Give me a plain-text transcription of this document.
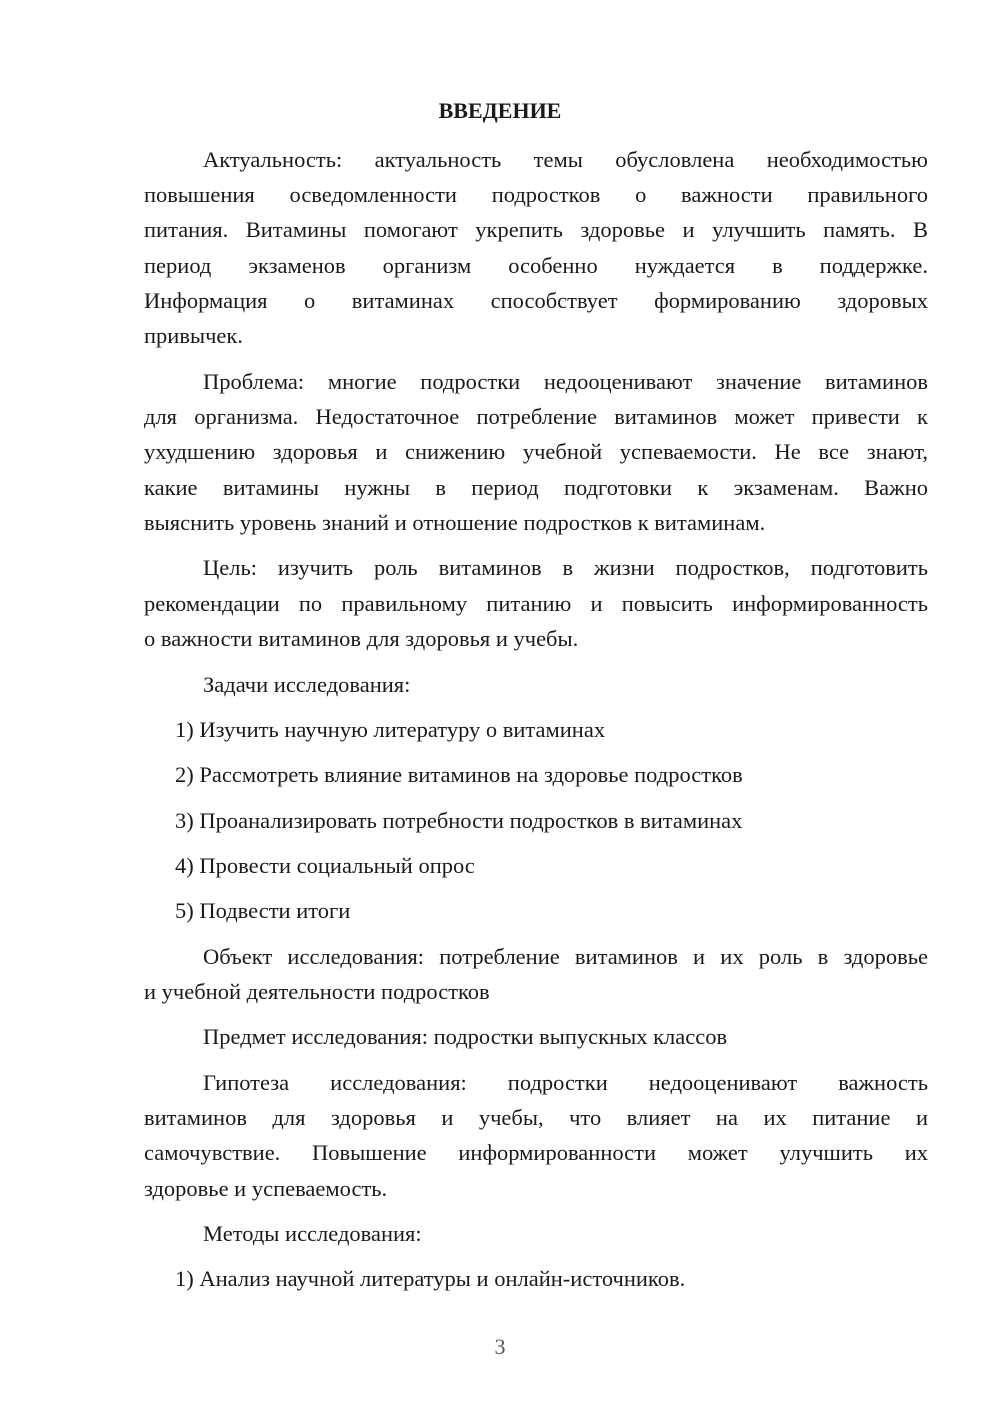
ВВЕДЕНИЕ
Актуальность: актуальность темы обусловлена необходимостью
повышения осведомленности подростков о важности правильного
питания. Витамины помогают укрепить здоровье и улучшить память. В
период экзаменов организм особенно нуждается в поддержке.
Информация о витаминах способствует формированию здоровых
привычек.
Проблема: многие подростки недооценивают значение витаминов
для организма. Недостаточное потребление витаминов может привести к
ухудшению здоровья и снижению учебной успеваемости. Не все знают,
какие витамины нужны в период подготовки к экзаменам. Важно
выяснить уровень знаний и отношение подростков к витаминам.
Цель: изучить роль витаминов в жизни подростков, подготовить
рекомендации по правильному питанию и повысить информированность
о важности витаминов для здоровья и учебы.
Задачи исследования:
1) Изучить научную литературу о витаминах
2) Рассмотреть влияние витаминов на здоровье подростков
3) Проанализировать потребности подростков в витаминах
4) Провести социальный опрос
5) Подвести итоги
Объект исследования: потребление витаминов и их роль в здоровье
и учебной деятельности подростков
Предмет исследования: подростки выпускных классов
Гипотеза исследования: подростки недооценивают важность
витаминов для здоровья и учебы, что влияет на их питание и
самочувствие. Повышение информированности может улучшить их
здоровье и успеваемость.
Методы исследования:
1) Анализ научной литературы и онлайн-источников.
3
